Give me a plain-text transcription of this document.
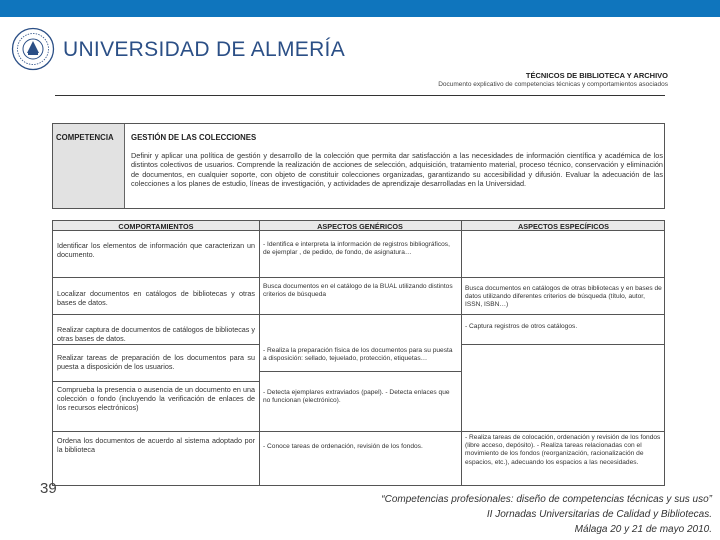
UNIVERSIDAD DE ALMERÍA
TÉCNICOS DE BIBLIOTECA Y ARCHIVO
Documento explicativo de competencias técnicas y comportamientos asociados
COMPETENCIA GESTIÓN DE LAS COLECCIONES
Definir y aplicar una política de gestión y desarrollo de la colección que permita dar satisfacción a las necesidades de información científica y académica de los distintos colectivos de usuarios. Comprende la realización de acciones de selección, adquisición, tratamiento material, proceso técnico, conservación y eliminación de documentos, en cualquier soporte, con objeto de constituir colecciones organizadas, garantizando su accesibilidad y difusión. Evaluar la adecuación de las colecciones a los planes de estudio, líneas de investigación, y actividades de aprendizaje desarrolladas en la Universidad.
COMPORTAMIENTOS	ASPECTOS GENÉRICOS	ASPECTOS ESPECÍFICOS
Identificar los elementos de información que caracterizan un documento.
Localizar documentos en catálogos de bibliotecas y otras bases de datos.
Realizar captura de documentos de catálogos de bibliotecas y otras bases de datos.
Realizar tareas de preparación de los documentos para su puesta a disposición de los usuarios.
Comprueba la presencia o ausencia de un documento en una colección o fondo (incluyendo la verificación de enlaces de los recursos electrónicos)
Ordena los documentos de acuerdo al sistema adoptado por la biblioteca
- Identifica e interpreta la información de registros bibliográficos, de ejemplar , de pedido, de fondo, de asignatura…
Busca documentos en el catálogo de la BUAL utilizando distintos criterios de búsqueda
- Realiza la preparación física de los documentos para su puesta a disposición: sellado, tejuelado, protección, etiquetas…
- Detecta ejemplares extraviados (papel). - Detecta enlaces que no funcionan (electrónico).
- Conoce tareas de ordenación, revisión de los fondos.
Busca documentos en catálogos de otras bibliotecas y en bases de datos utilizando diferentes criterios de búsqueda (título, autor, ISSN, ISBN…)
- Captura registros de otros catálogos.
- Realiza tareas de colocación, ordenación y revisión de los fondos (libre acceso, depósito). - Realiza tareas relacionadas con el movimiento de los fondos (reorganización, racionalización de espacios, etc.), adecuando los espacios a las necesidades.
39
“Competencias profesionales: diseño de competencias técnicas y sus uso”
II Jornadas Universitarias de Calidad y Bibliotecas.
Málaga 20 y 21 de mayo 2010.
